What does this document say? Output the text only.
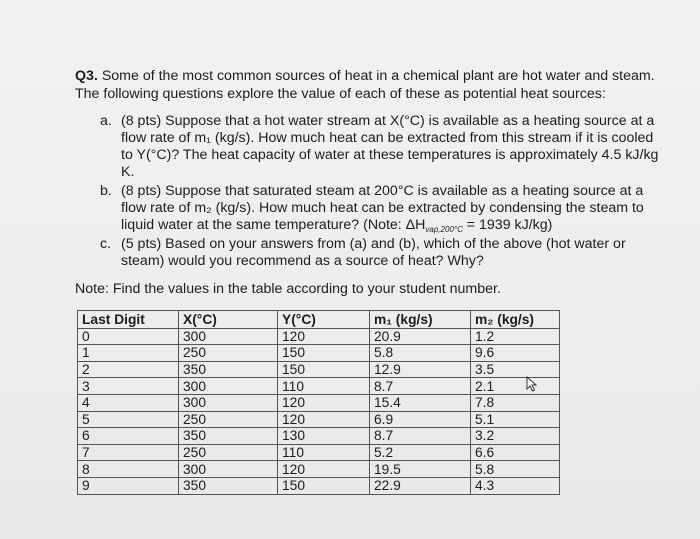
Q3. Some of the most common sources of heat in a chemical plant are hot water and steam. The following questions explore the value of each of these as potential heat sources:
a. (8 pts) Suppose that a hot water stream at X(°C) is available as a heating source at a flow rate of m₁ (kg/s). How much heat can be extracted from this stream if it is cooled to Y(°C)? The heat capacity of water at these temperatures is approximately 4.5 kJ/kg K.
b. (8 pts) Suppose that saturated steam at 200°C is available as a heating source at a flow rate of m₂ (kg/s). How much heat can be extracted by condensing the steam to liquid water at the same temperature? (Note: $\Delta H_{vap,200^\circ C} = 1939$ kJ/kg)
c. (5 pts) Based on your answers from (a) and (b), which of the above (hot water or steam) would you recommend as a source of heat? Why?
Note: Find the values in the table according to your student number.
Last Digit	X(°C)	Y(°C)	m₁ (kg/s)	m₂ (kg/s)
0	300	120	20.9	1.2
1	250	150	5.8	9.6
2	350	150	12.9	3.5
3	300	110	8.7	2.1
4	300	120	15.4	7.8
5	250	120	6.9	5.1
6	350	130	8.7	3.2
7	250	110	5.2	6.6
8	300	120	19.5	5.8
9	350	150	22.9	4.3
